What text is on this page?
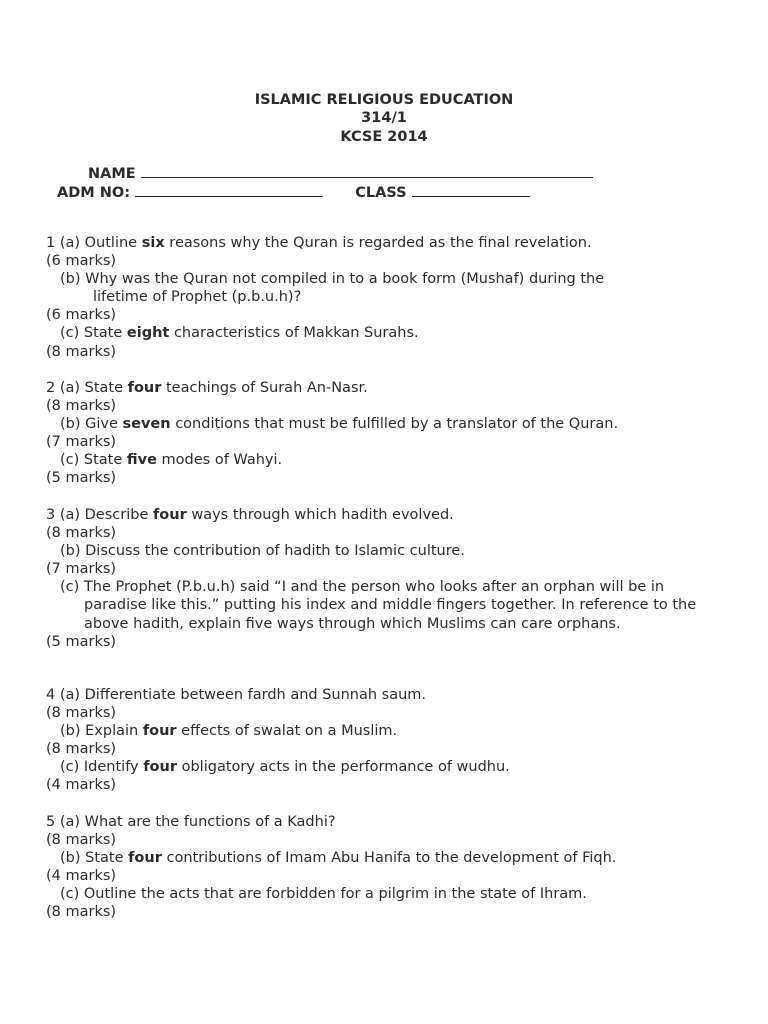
ISLAMIC RELIGIOUS EDUCATION
314/1
KCSE 2014
NAME
ADM NO:	CLASS
1 (a) Outline six reasons why the Quran is regarded as the final revelation.
(6 marks)
(b) Why was the Quran not compiled in to a book form (Mushaf) during the
lifetime of Prophet (p.b.u.h)?
(6 marks)
(c) State eight characteristics of Makkan Surahs.
(8 marks)
2 (a) State four teachings of Surah An-Nasr.
(8 marks)
(b) Give seven conditions that must be fulfilled by a translator of the Quran.
(7 marks)
(c) State five modes of Wahyi.
(5 marks)
3 (a) Describe four ways through which hadith evolved.
(8 marks)
(b) Discuss the contribution of hadith to Islamic culture.
(7 marks)
(c) The Prophet (P.b.u.h) said “I and the person who looks after an orphan will be in
paradise like this.” putting his index and middle fingers together. In reference to the
above hadith, explain five ways through which Muslims can care orphans.
(5 marks)
4 (a) Differentiate between fardh and Sunnah saum.
(8 marks)
(b) Explain four effects of swalat on a Muslim.
(8 marks)
(c) Identify four obligatory acts in the performance of wudhu.
(4 marks)
5 (a) What are the functions of a Kadhi?
(8 marks)
(b) State four contributions of Imam Abu Hanifa to the development of Fiqh.
(4 marks)
(c) Outline the acts that are forbidden for a pilgrim in the state of Ihram.
(8 marks)
